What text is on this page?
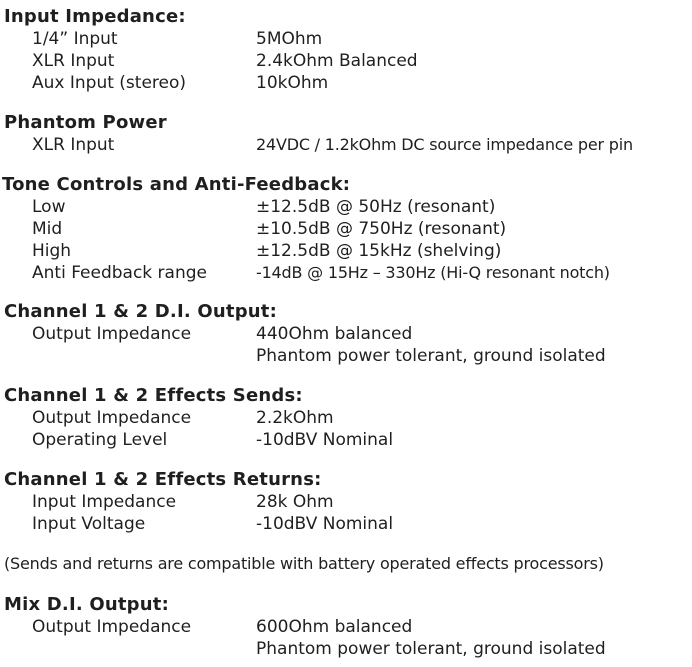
Input Impedance:
1/4” Input	5MOhm
XLR Input	2.4kOhm Balanced
Aux Input (stereo)	10kOhm
Phantom Power
XLR Input	24VDC / 1.2kOhm DC source impedance per pin
Tone Controls and Anti-Feedback:
Low	±12.5dB @ 50Hz (resonant)
Mid	±10.5dB @ 750Hz (resonant)
High	±12.5dB @ 15kHz (shelving)
Anti Feedback range	-14dB @ 15Hz – 330Hz (Hi-Q resonant notch)
Channel 1 & 2 D.I. Output:
Output Impedance	440Ohm balanced
Phantom power tolerant, ground isolated
Channel 1 & 2 Effects Sends:
Output Impedance	2.2kOhm
Operating Level	-10dBV Nominal
Channel 1 & 2 Effects Returns:
Input Impedance	28k Ohm
Input Voltage	-10dBV Nominal
(Sends and returns are compatible with battery operated effects processors)
Mix D.I. Output:
Output Impedance	600Ohm balanced
Phantom power tolerant, ground isolated
